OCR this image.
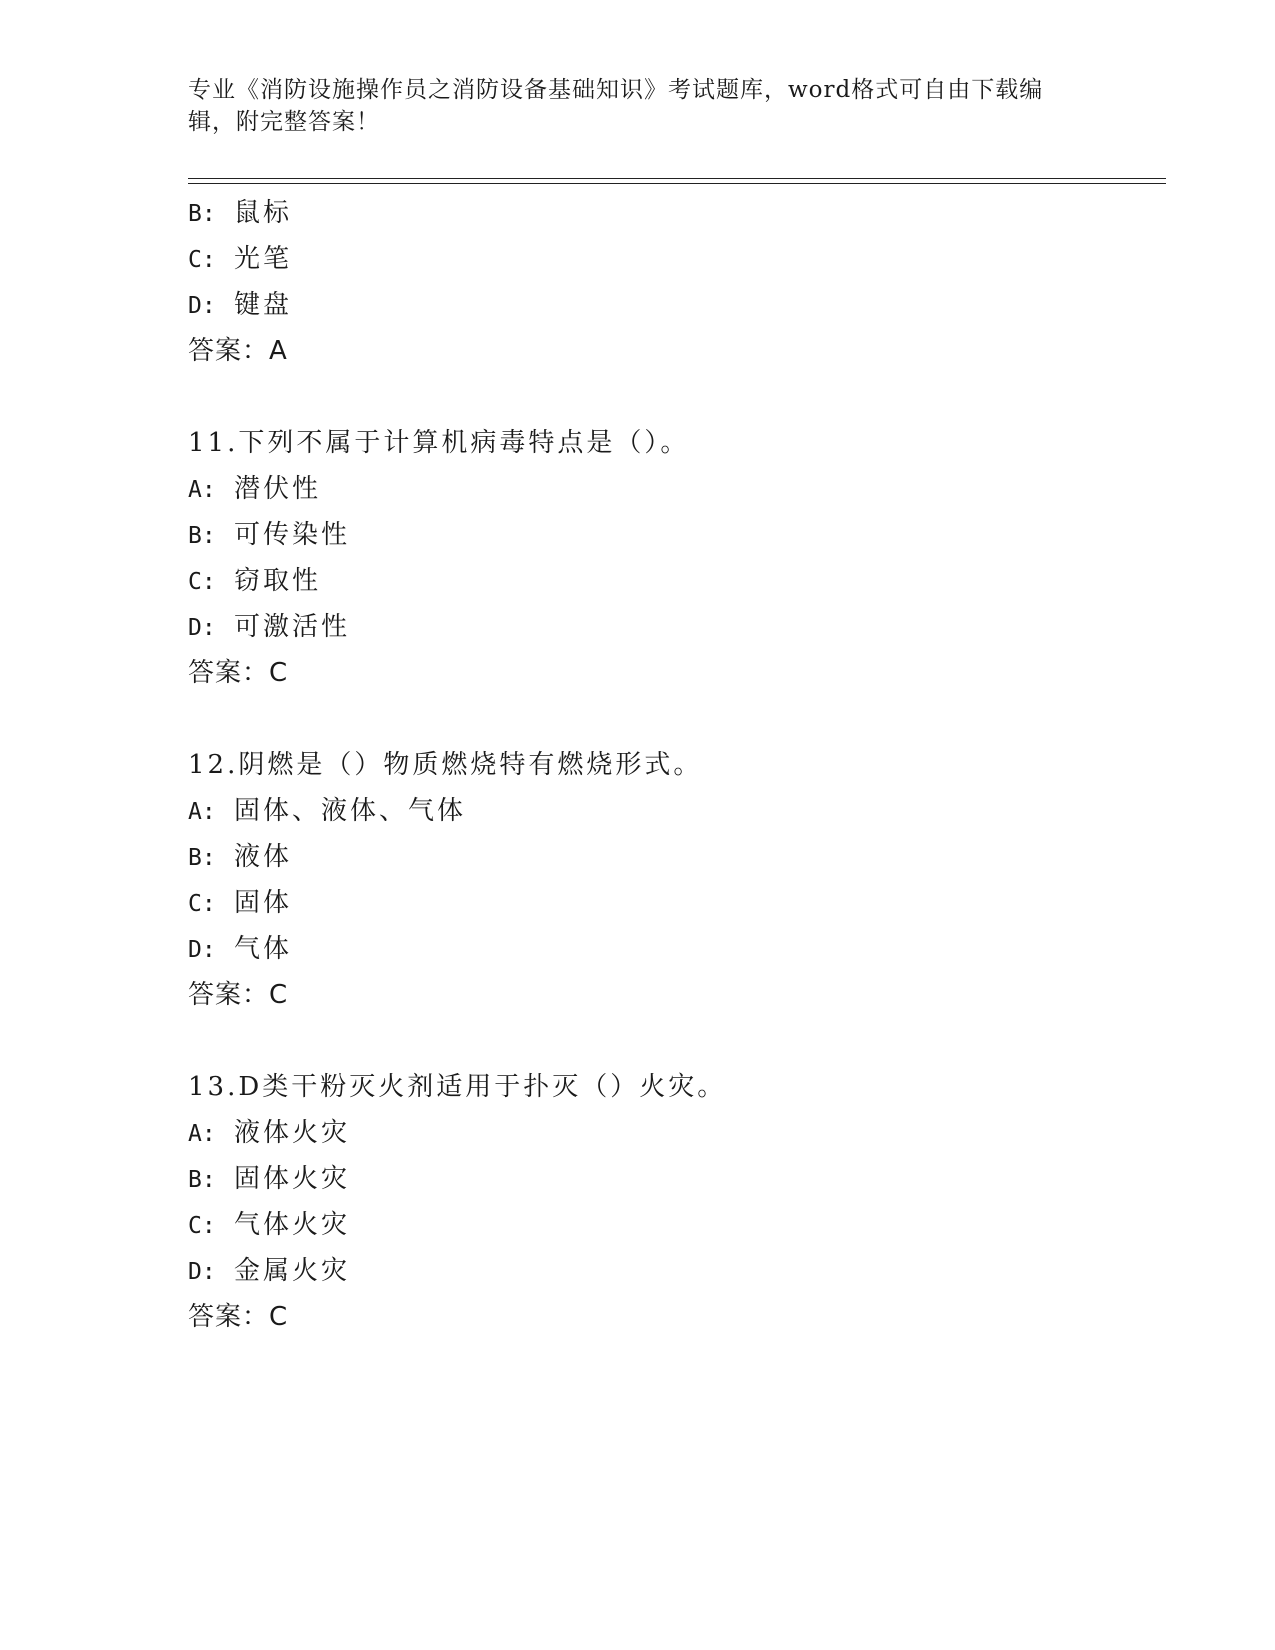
专业《消防设施操作员之消防设备基础知识》考试题库，word格式可自由下载编辑，附完整答案！
B: 鼠标
C: 光笔
D: 键盘
答案：A
11.下列不属于计算机病毒特点是（）。
A: 潜伏性
B: 可传染性
C: 窃取性
D: 可激活性
答案：C
12.阴燃是（）物质燃烧特有燃烧形式。
A: 固体、液体、气体
B: 液体
C: 固体
D: 气体
答案：C
13.D类干粉灭火剂适用于扑灭（）火灾。
A: 液体火灾
B: 固体火灾
C: 气体火灾
D: 金属火灾
答案：C
